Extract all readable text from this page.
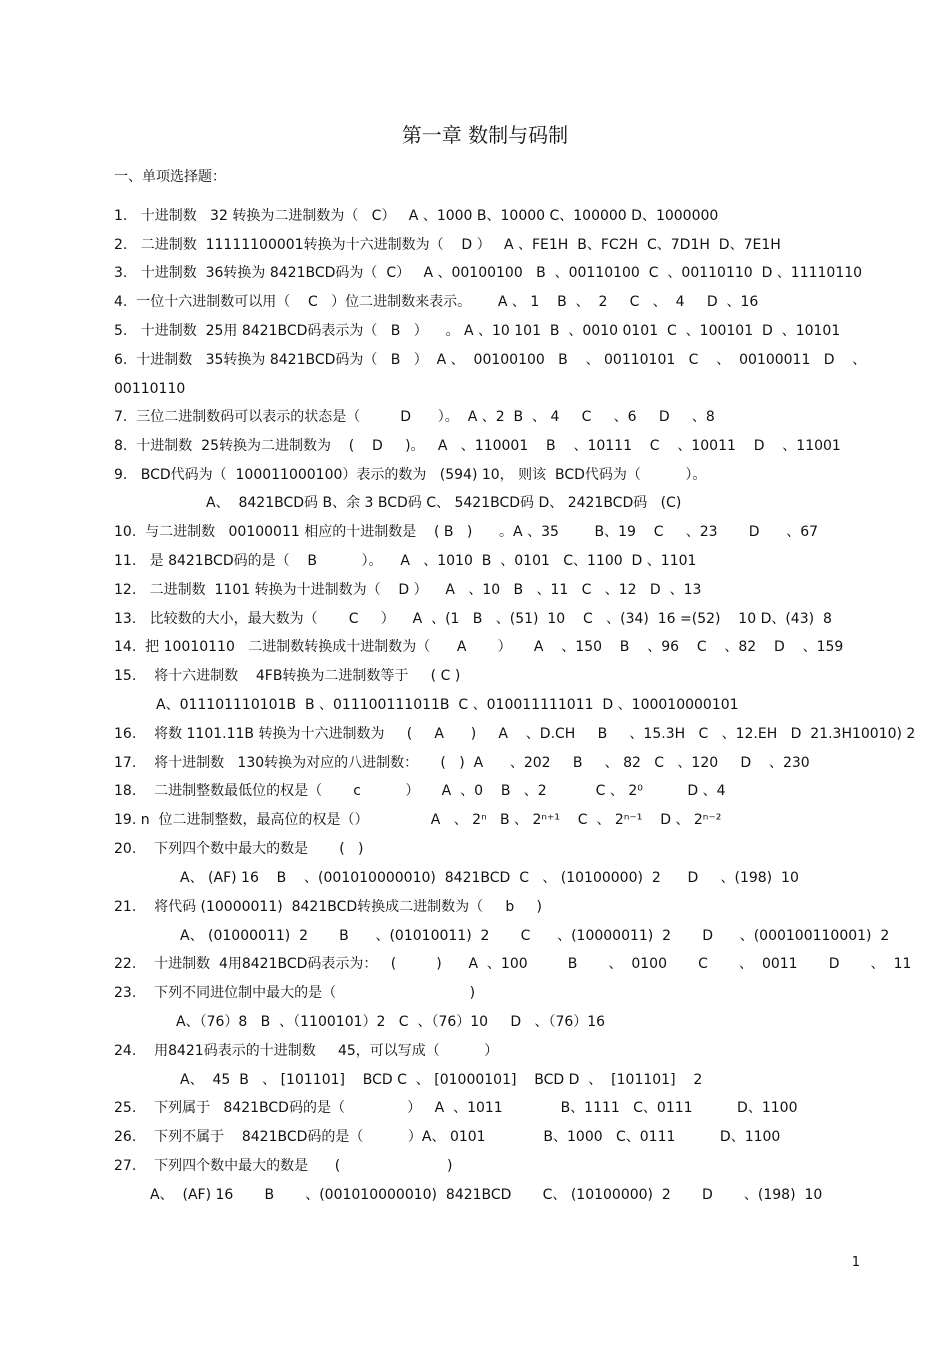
第一章 数制与码制
一、单项选择题：
1.   十进制数   32 转换为二进制数为（   C）   A 、1000 B、10000 C、100000 D、1000000
2.   二进制数  11111100001转换为十六进制数为（    D ）   A 、FE1H  B、FC2H  C、7D1H  D、7E1H
3.   十进制数  36转换为 8421BCD码为（  C）   A 、00100100   B  、00110100  C  、00110110  D 、11110110
4.  一位十六进制数可以用（    C   ）位二进制数来表示。      A 、 1    B  、  2     C   、  4     D  、16
5.   十进制数  25用 8421BCD码表示为（   B   ）    。 A 、10 101  B  、0010 0101  C  、100101  D  、10101
6.  十进制数   35转换为 8421BCD码为（   B   ）  A 、  00100100   B    、 00110101   C    、  00100011   D    、
00110110
7.  三位二进制数码可以表示的状态是（         D      ）。  A 、2  B  、 4     C     、6     D     、8
8.  十进制数  25转换为二进制数为    (    D     )。   A   、110001    B    、10111    C    、10011    D    、11001
9.   BCD代码为（  100011000100）表示的数为   (594) 10， 则该  BCD代码为（          ）。
A、  8421BCD码 B、余 3 BCD码 C、 5421BCD码 D、 2421BCD码   (C)
10.  与二进制数   00100011 相应的十进制数是    ( B   )      。A 、35        B、19    C     、23       D      、67
11.   是 8421BCD码的是（    B          ）。    A   、1010  B  、0101   C、1100  D 、1101
12.   二进制数  1101 转换为十进制数为（    D ）    A   、10   B   、11   C   、12   D  、13
13.   比较数的大小，最大数为（       C     ）    A  、(1   B   、(51)  10    C   、(34)  16 =(52)    10 D、(43)  8
14.  把 10010110   二进制数转换成十进制数为（      A       ）     A    、150    B    、96    C    、82    D    、159
15.    将十六进制数    4FB转换为二进制数等于     ( C )
A、011101110101B  B 、011100111011B  C 、010011111011  D 、100010000101
16.    将数 1101.11B 转换为十六进制数为     (     A      )     A    、D.CH     B     、15.3H   C   、12.EH   D  21.3H10010) 2
17.    将十进制数   130转换为对应的八进制数：     (   )  A      、202     B     、 82   C   、120     D    、230
18.    二进制整数最低位的权是（       c          ）     A  、0    B   、2           C 、 2⁰          D 、4
19. n  位二进制整数，最高位的权是（）              A   、 2ⁿ   B 、 2ⁿ⁺¹    C  、 2ⁿ⁻¹    D 、 2ⁿ⁻²
20.    下列四个数中最大的数是       (   )
A、 (AF) 16    B    、(001010000010)  8421BCD  C   、 (10100000)  2      D     、(198)  10
21.    将代码 (10000011)  8421BCD转换成二进制数为（     b     )
A、 (01000011)  2       B      、(01010011)  2       C      、(10000011)  2       D      、(000100110001)  2
22.    十进制数  4用8421BCD码表示为：   (         )      A  、100         B       、  0100       C       、  0011       D       、  11
23.    下列不同进位制中最大的是（                              )
A、（76）8   B  、（1100101）2   C  、（76）10     D   、（76）16
24.    用8421码表示的十进制数     45，可以写成（          ）
A、  45  B   、 [101101]    BCD C  、 [01000101]    BCD D  、  [101101]    2
25.    下列属于   8421BCD码的是（              ）   A  、1011             B、1111   C、0111          D、1100
26.    下列不属于    8421BCD码的是（          ）A、 0101             B、1000   C、0111          D、1100
27.    下列四个数中最大的数是      (                        )
A、  (AF) 16       B       、(001010000010)  8421BCD       C、 (10100000)  2       D       、(198)  10
1
